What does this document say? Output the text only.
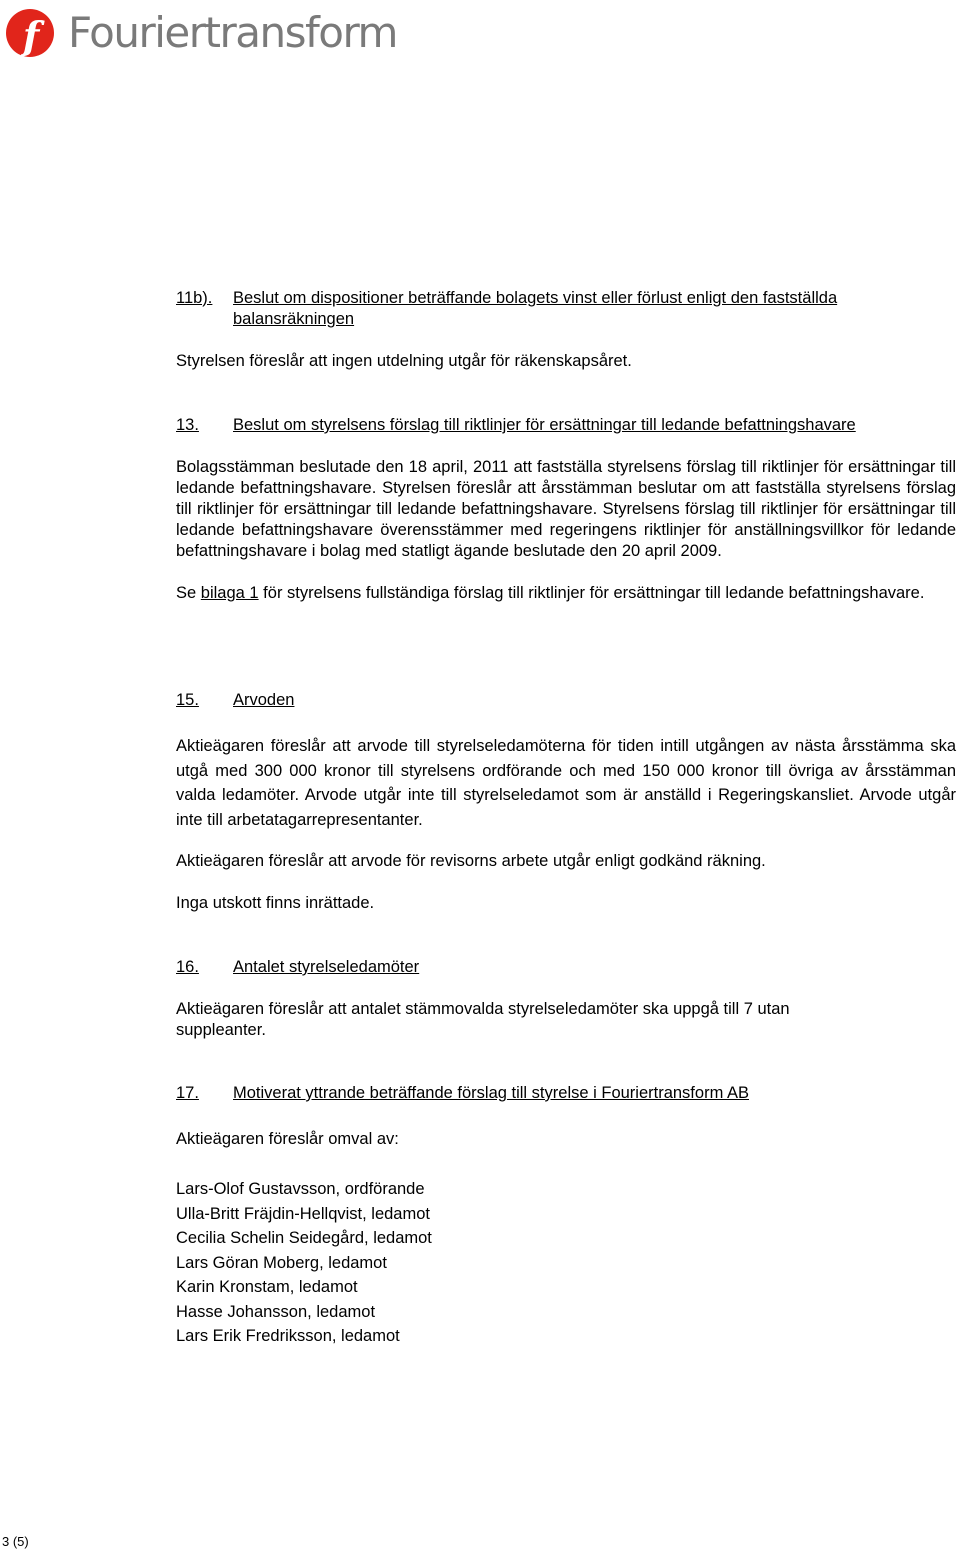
f Fouriertransform
11b).	Beslut om dispositioner beträffande bolagets vinst eller förlust enligt den fastställda balansräkningen
Styrelsen föreslår att ingen utdelning utgår för räkenskapsåret.
13.	Beslut om styrelsens förslag till riktlinjer för ersättningar till ledande befattningshavare
Bolagsstämman beslutade den 18 april, 2011 att fastställa styrelsens förslag till riktlinjer för ersättningar till ledande befattningshavare. Styrelsen föreslår att årsstämman beslutar om att fastställa styrelsens förslag till riktlinjer för ersättningar till ledande befattningshavare. Styrelsens förslag till riktlinjer för ersättningar till ledande befattningshavare överensstämmer med regeringens riktlinjer för anställningsvillkor för ledande befattningshavare i bolag med statligt ägande beslutade den 20 april 2009.
Se bilaga 1 för styrelsens fullständiga förslag till riktlinjer för ersättningar till ledande befattningshavare.
15.	Arvoden
Aktieägaren föreslår att arvode till styrelseledamöterna för tiden intill utgången av nästa årsstämma ska utgå med 300 000 kronor till styrelsens ordförande och med 150 000 kronor till övriga av årsstämman valda ledamöter. Arvode utgår inte till styrelseledamot som är anställd i Regeringskansliet. Arvode utgår inte till arbetatagarrepresentanter.
Aktieägaren föreslår att arvode för revisorns arbete utgår enligt godkänd räkning.
Inga utskott finns inrättade.
16.	Antalet styrelseledamöter
Aktieägaren föreslår att antalet stämmovalda styrelseledamöter ska uppgå till 7 utan suppleanter.
17.	Motiverat yttrande beträffande förslag till styrelse i Fouriertransform AB
Aktieägaren föreslår omval av:
Lars-Olof Gustavsson, ordförande
Ulla-Britt Fräjdin-Hellqvist, ledamot
Cecilia Schelin Seidegård, ledamot
Lars Göran Moberg, ledamot
Karin Kronstam, ledamot
Hasse Johansson, ledamot
Lars Erik Fredriksson, ledamot
3 (5)
